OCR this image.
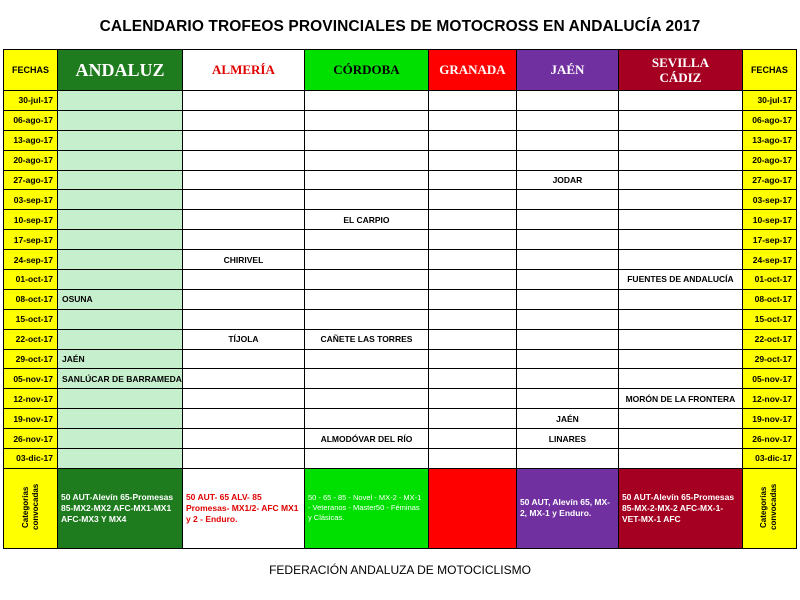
CALENDARIO TROFEOS PROVINCIALES DE MOTOCROSS EN ANDALUCÍA 2017
FECHAS	ANDALUZ	ALMERÍA	CÓRDOBA	GRANADA	JAÉN	SEVILLA CÁDIZ	FECHAS
30-jul-17							30-jul-17
06-ago-17							06-ago-17
13-ago-17							13-ago-17
20-ago-17							20-ago-17
27-ago-17					JODAR		27-ago-17
03-sep-17							03-sep-17
10-sep-17			EL CARPIO				10-sep-17
17-sep-17							17-sep-17
24-sep-17		CHIRIVEL					24-sep-17
01-oct-17						FUENTES DE ANDALUCÍA	01-oct-17
08-oct-17	OSUNA						08-oct-17
15-oct-17							15-oct-17
22-oct-17		TÍJOLA	CAÑETE LAS TORRES				22-oct-17
29-oct-17	JAÉN						29-oct-17
05-nov-17	SANLÚCAR DE BARRAMEDA						05-nov-17
12-nov-17						MORÓN DE LA FRONTERA	12-nov-17
19-nov-17					JAÉN		19-nov-17
26-nov-17			ALMODÓVAR DEL RÍO		LINARES		26-nov-17
03-dic-17							03-dic-17
Categorías convocadas	50 AUT-Alevín 65-Promesas 85-MX2-MX2 AFC-MX1-MX1 AFC-MX3 Y MX4	50 AUT- 65 ALV- 85 Promesas- MX1/2- AFC MX1 y 2 - Enduro.	50 - 65 - 85 - Novel - MX-2 - MX-1 - Veteranos - Master50 - Féminas y Clásicas.		50 AUT, Alevín 65, MX-2, MX-1 y Enduro.	50 AUT-Alevín 65-Promesas 85-MX-2-MX-2 AFC-MX-1-VET-MX-1 AFC	Categorías convocadas
FEDERACIÓN ANDALUZA DE MOTOCICLISMO
